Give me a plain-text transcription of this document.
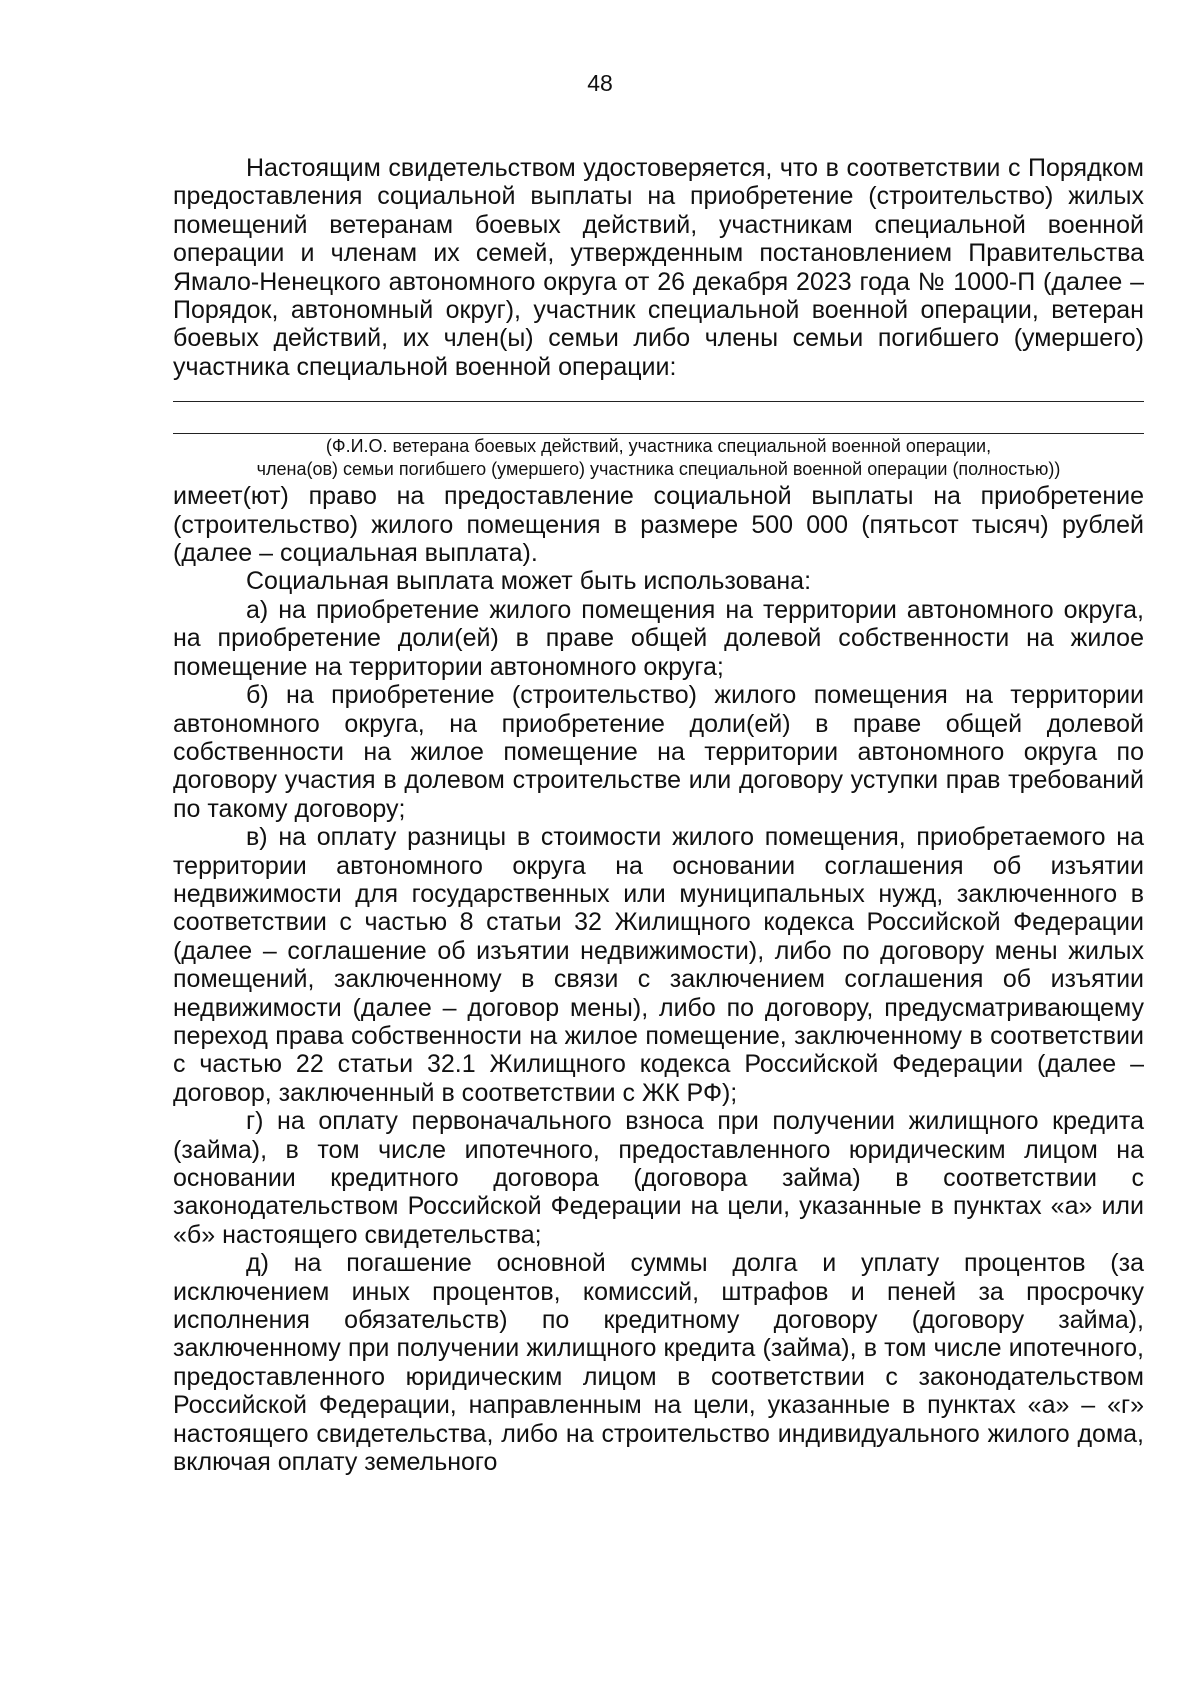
48

Настоящим свидетельством удостоверяется, что в соответствии с Порядком предоставления социальной выплаты на приобретение (строительство) жилых помещений ветеранам боевых действий, участникам специальной военной операции и членам их семей, утвержденным постановлением Правительства Ямало-Ненецкого автономного округа от 26 декабря 2023 года № 1000-П (далее – Порядок, автономный округ), участник специальной военной операции, ветеран боевых действий, их член(ы) семьи либо члены семьи погибшего (умершего) участника специальной военной операции:

(Ф.И.О. ветерана боевых действий, участника специальной военной операции,
члена(ов) семьи погибшего (умершего) участника специальной военной операции (полностью))

имеет(ют) право на предоставление социальной выплаты на приобретение (строительство) жилого помещения в размере 500 000 (пятьсот тысяч) рублей (далее – социальная выплата).

Социальная выплата может быть использована:

а) на приобретение жилого помещения на территории автономного округа, на приобретение доли(ей) в праве общей долевой собственности на жилое помещение на территории автономного округа;

б) на приобретение (строительство) жилого помещения на территории автономного округа, на приобретение доли(ей) в праве общей долевой собственности на жилое помещение на территории автономного округа по договору участия в долевом строительстве или договору уступки прав требований по такому договору;

в) на оплату разницы в стоимости жилого помещения, приобретаемого на территории автономного округа на основании соглашения об изъятии недвижимости для государственных или муниципальных нужд, заключенного в соответствии с частью 8 статьи 32 Жилищного кодекса Российской Федерации (далее – соглашение об изъятии недвижимости), либо по договору мены жилых помещений, заключенному в связи с заключением соглашения об изъятии недвижимости (далее – договор мены), либо по договору, предусматривающему переход права собственности на жилое помещение, заключенному в соответствии с частью 22 статьи 32.1 Жилищного кодекса Российской Федерации (далее – договор, заключенный в соответствии с ЖК РФ);

г) на оплату первоначального взноса при получении жилищного кредита (займа), в том числе ипотечного, предоставленного юридическим лицом на основании кредитного договора (договора займа) в соответствии с законодательством Российской Федерации на цели, указанные в пунктах «а» или «б» настоящего свидетельства;

д) на погашение основной суммы долга и уплату процентов (за исключением иных процентов, комиссий, штрафов и пеней за просрочку исполнения обязательств) по кредитному договору (договору займа), заключенному при получении жилищного кредита (займа), в том числе ипотечного, предоставленного юридическим лицом в соответствии с законодательством Российской Федерации, направленным на цели, указанные в пунктах «а» – «г» настоящего свидетельства, либо на строительство индивидуального жилого дома, включая оплату земельного
